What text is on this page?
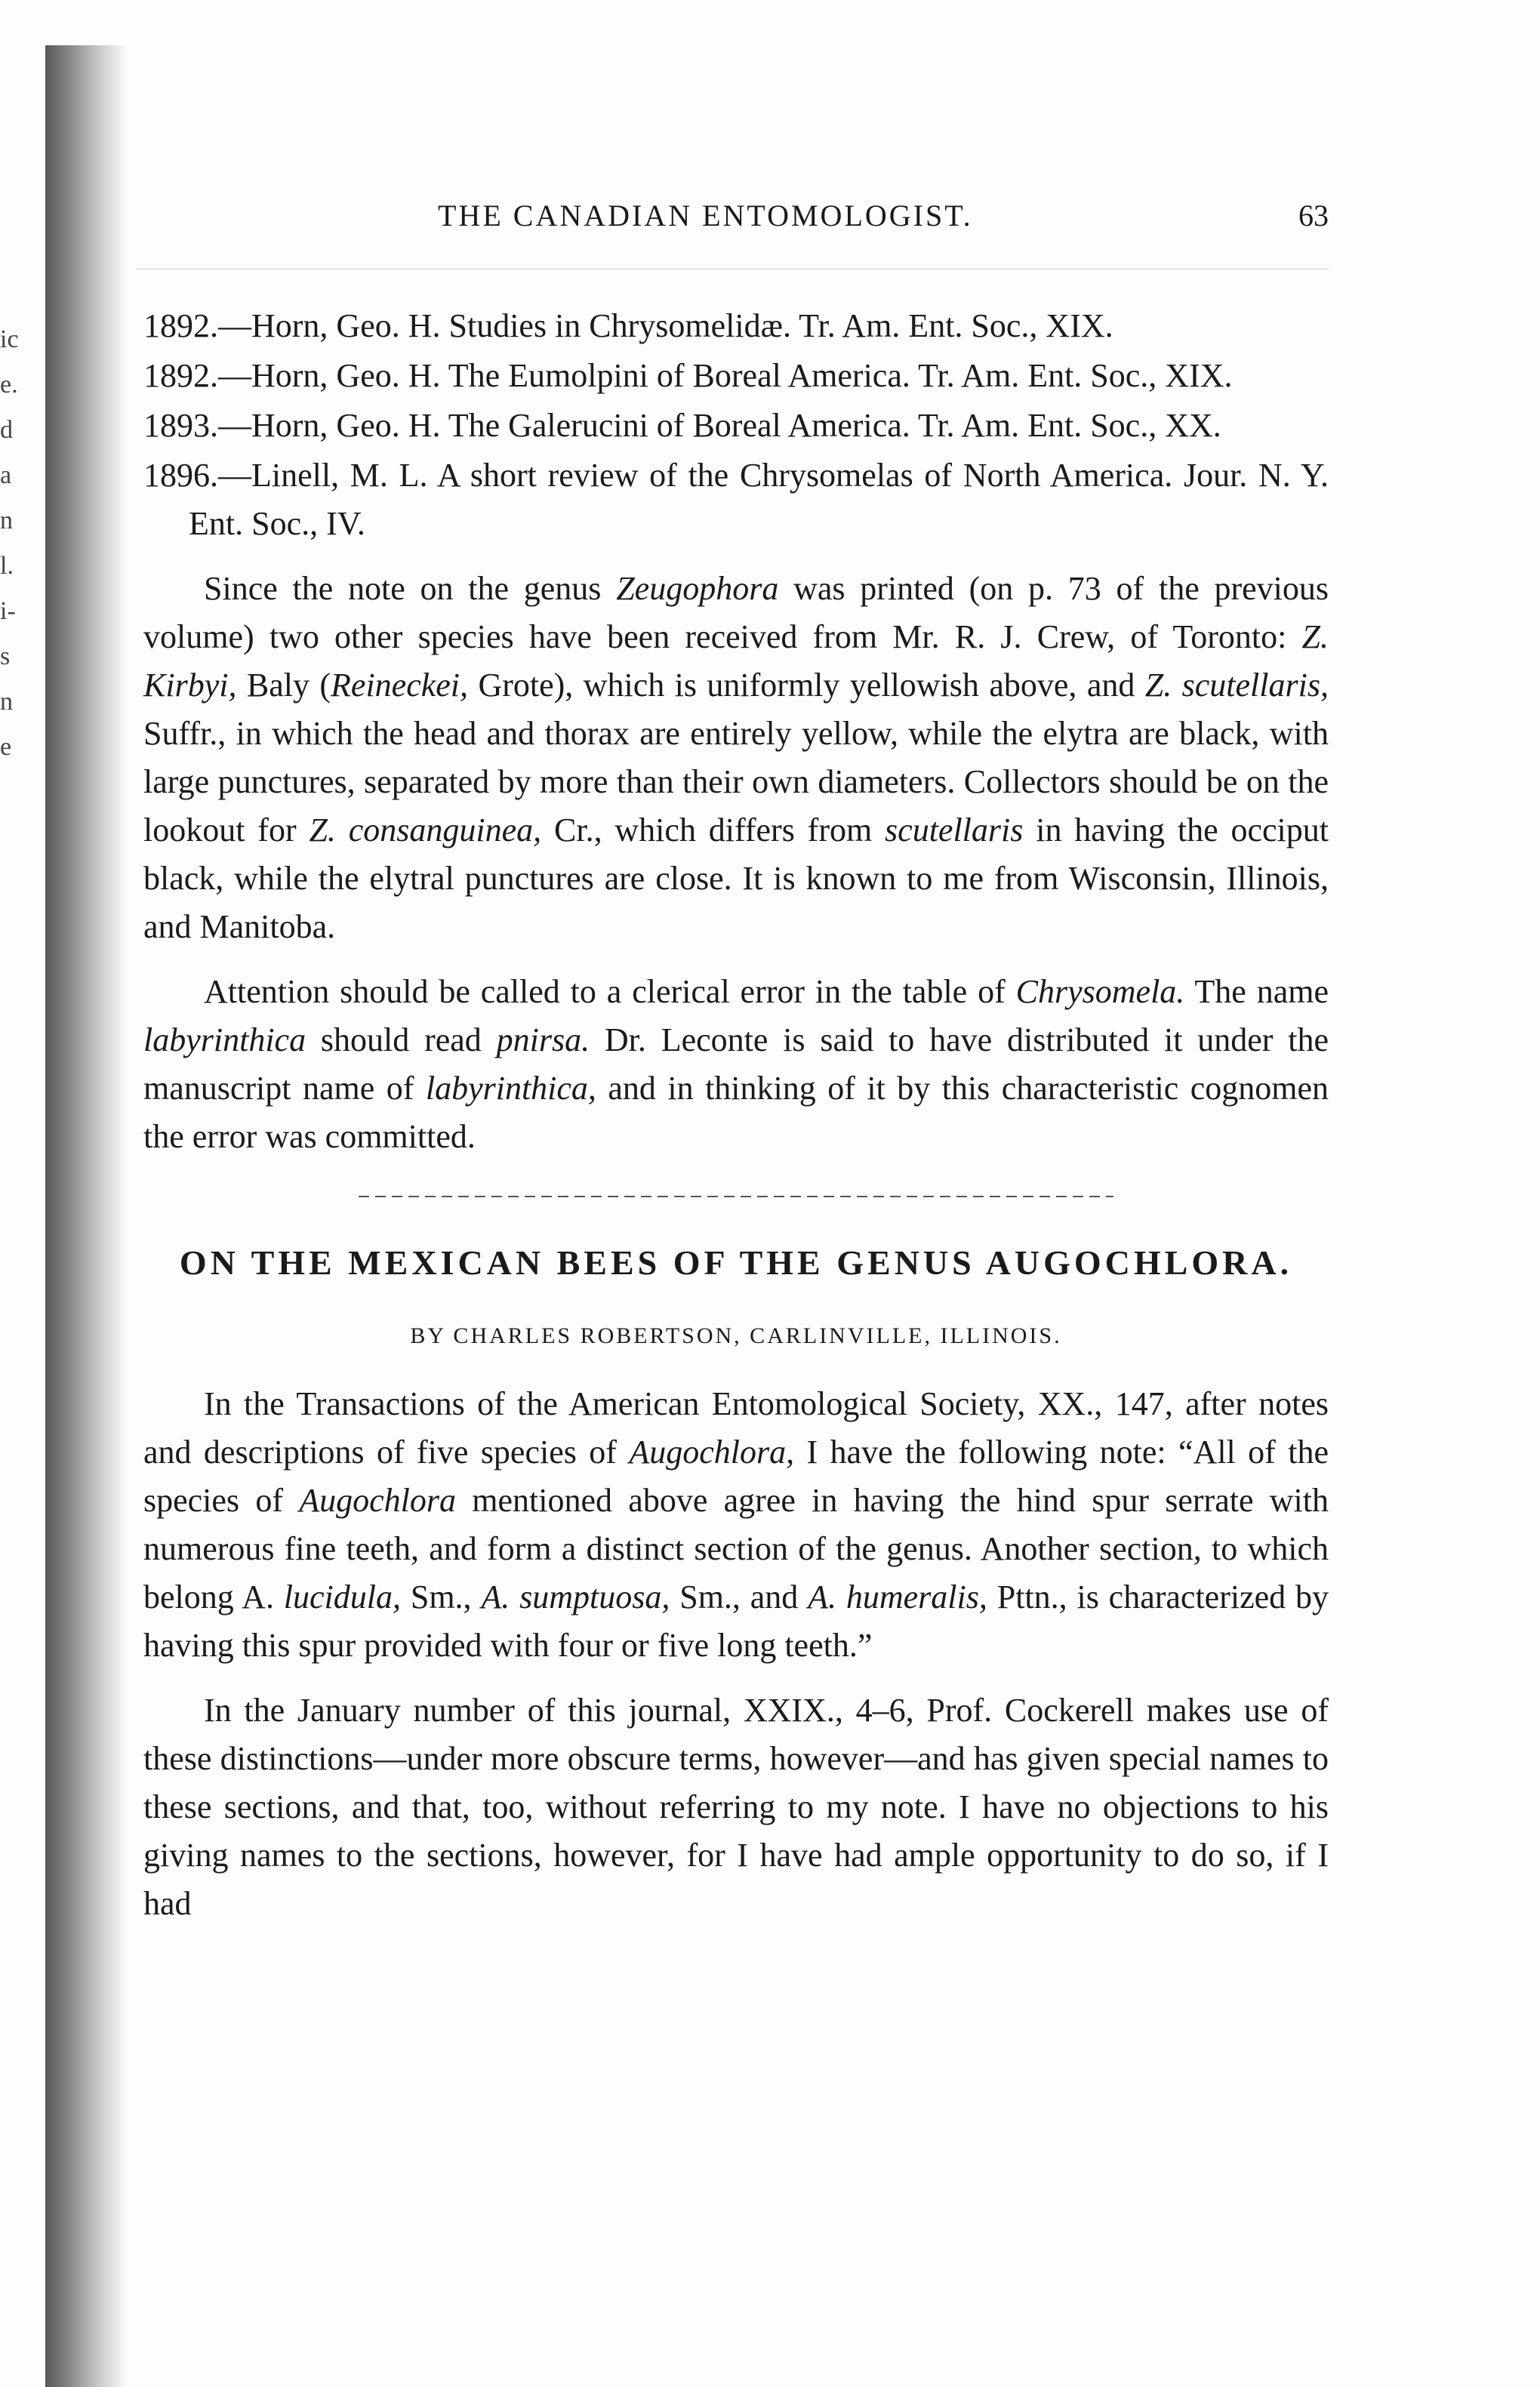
ic
e.
d
a
n
l.
i-
s
n
e
THE CANADIAN ENTOMOLOGIST.	63

1892.—Horn, Geo. H. Studies in Chrysomelidæ. Tr. Am. Ent. Soc., XIX.

1892.—Horn, Geo. H. The Eumolpini of Boreal America. Tr. Am. Ent. Soc., XIX.

1893.—Horn, Geo. H. The Galerucini of Boreal America. Tr. Am. Ent. Soc., XX.

1896.—Linell, M. L. A short review of the Chrysomelas of North America. Jour. N. Y. Ent. Soc., IV.

Since the note on the genus Zeugophora was printed (on p. 73 of the previous volume) two other species have been received from Mr. R. J. Crew, of Toronto: Z. Kirbyi, Baly (Reineckei, Grote), which is uniformly yellowish above, and Z. scutellaris, Suffr., in which the head and thorax are entirely yellow, while the elytra are black, with large punctures, separated by more than their own diameters. Collectors should be on the lookout for Z. consanguinea, Cr., which differs from scutellaris in having the occiput black, while the elytral punctures are close. It is known to me from Wisconsin, Illinois, and Manitoba.

Attention should be called to a clerical error in the table of Chrysomela. The name labyrinthica should read pnirsa. Dr. Leconte is said to have distributed it under the manuscript name of labyrinthica, and in thinking of it by this characteristic cognomen the error was committed.

ON THE MEXICAN BEES OF THE GENUS AUGOCHLORA.
BY CHARLES ROBERTSON, CARLINVILLE, ILLINOIS.

In the Transactions of the American Entomological Society, XX., 147, after notes and descriptions of five species of Augochlora, I have the following note: “All of the species of Augochlora mentioned above agree in having the hind spur serrate with numerous fine teeth, and form a distinct section of the genus. Another section, to which belong A. lucidula, Sm., A. sumptuosa, Sm., and A. humeralis, Pttn., is characterized by having this spur provided with four or five long teeth.”

In the January number of this journal, XXIX., 4–6, Prof. Cockerell makes use of these distinctions—under more obscure terms, however—and has given special names to these sections, and that, too, without referring to my note. I have no objections to his giving names to the sections, however, for I have had ample opportunity to do so, if I had
